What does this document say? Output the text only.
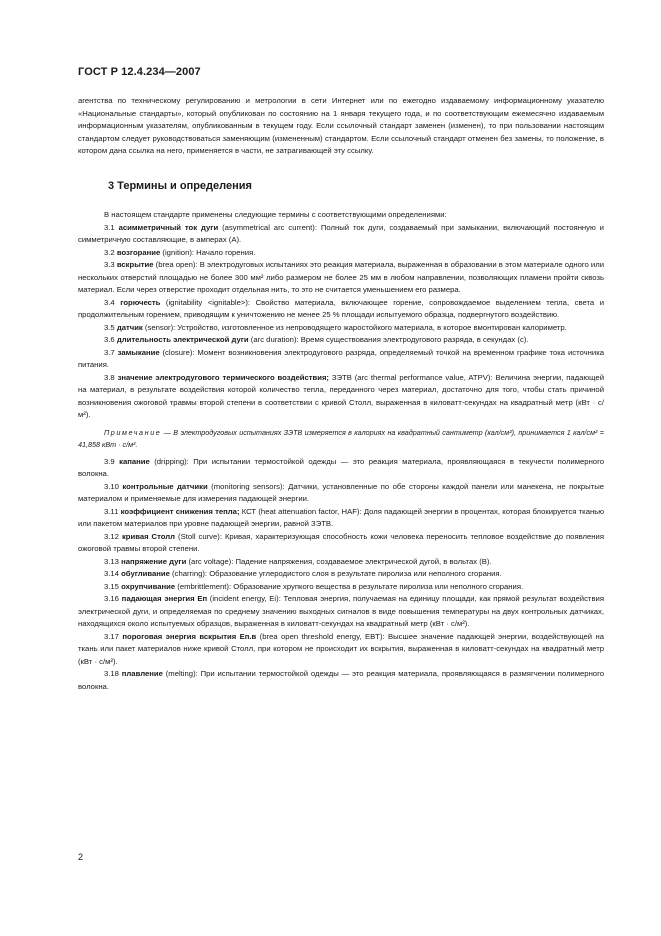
ГОСТ Р 12.4.234—2007

агентства по техническому регулированию и метрологии в сети Интернет или по ежегодно издаваемому информационному указателю «Национальные стандарты», который опубликован по состоянию на 1 января текущего года, и по соответствующим ежемесячно издаваемым информационным указателям, опубликованным в текущем году. Если ссылочный стандарт заменен (изменен), то при пользовании настоящим стандартом следует руководствоваться заменяющим (измененным) стандартом. Если ссылочный стандарт отменен без замены, то положение, в котором дана ссылка на него, применяется в части, не затрагивающей эту ссылку.

3 Термины и определения

В настоящем стандарте применены следующие термины с соответствующими определениями:

3.1 асимметричный ток дуги (asymmetrical arc current): Полный ток дуги, создаваемый при замыкании, включающий постоянную и симметричную составляющие, в амперах (А).

3.2 возгорание (ignition): Начало горения.

3.3 вскрытие (brea open): В электродуговых испытаниях это реакция материала, выраженная в образовании в этом материале одного или нескольких отверстий площадью не более 300 мм² либо размером не более 25 мм в любом направлении, позволяющих пламени пройти сквозь материал. Если через отверстие проходит отдельная нить, то это не считается уменьшением его размера.

3.4 горючесть (ignitability <ignitable>): Свойство материала, включающее горение, сопровождаемое выделением тепла, света и продолжительным горением, приводящим к уничтожению не менее 25 % площади испытуемого образца, подвергнутого воздействию.

3.5 датчик (sensor): Устройство, изготовленное из непроводящего жаростойкого материала, в которое вмонтирован калориметр.

3.6 длительность электрической дуги (arc duration): Время существования электродугового разряда, в секундах (с).

3.7 замыкание (closure): Момент возникновения электродугового разряда, определяемый точкой на временном графике тока источника питания.

3.8 значение электродугового термического воздействия; ЗЭТВ (arc thermal performance value, ATPV): Величина энергии, падающей на материал, в результате воздействия которой количество тепла, переданного через материал, достаточно для того, чтобы стать причиной возникновения ожоговой травмы второй степени в соответствии с кривой Столл, выраженная в киловатт-секундах на квадратный метр (кВт · с/м²).

Примечание — В электродуговых испытаниях ЗЭТВ измеряется в калориях на квадратный сантиметр (кал/см²), принимается 1 кал/см² = 41,858 кВт · с/м².

3.9 капание (dripping): При испытании термостойкой одежды — это реакция материала, проявляющаяся в текучести полимерного волокна.

3.10 контрольные датчики (monitoring sensors): Датчики, установленные по обе стороны каждой панели или манекена, не покрытые материалом и применяемые для измерения падающей энергии.

3.11 коэффициент снижения тепла; КСТ (heat attenuation factor, HAF): Доля падающей энергии в процентах, которая блокируется тканью или пакетом материалов при уровне падающей энергии, равной ЗЭТВ.

3.12 кривая Столл (Stoll curve): Кривая, характеризующая способность кожи человека переносить тепловое воздействие до появления ожоговой травмы второй степени.

3.13 напряжение дуги (arc voltage): Падение напряжения, создаваемое электрической дугой, в вольтах (В).

3.14 обугливание (charring): Образование углеродистого слоя в результате пиролиза или неполного сгорания.

3.15 охрупчивание (embrittlement): Образование хрупкого вещества в результате пиролиза или неполного сгорания.

3.16 падающая энергия Eп (incident energy, Eі): Тепловая энергия, получаемая на единицу площади, как прямой результат воздействия электрической дуги, и определяемая по среднему значению выходных сигналов в виде повышения температуры на двух контрольных датчиках, находящихся около испытуемых образцов, выраженная в киловатт-секундах на квадратный метр (кВт · с/м²).

3.17 пороговая энергия вскрытия Eп.в (brea open threshold energy, EBT): Высшее значение падающей энергии, воздействующей на ткань или пакет материалов ниже кривой Столл, при котором не происходит их вскрытия, выраженная в киловатт-секундах на квадратный метр (кВт · с/м²).

3.18 плавление (melting): При испытании термостойкой одежды — это реакция материала, проявляющаяся в размягчении полимерного волокна.

2
